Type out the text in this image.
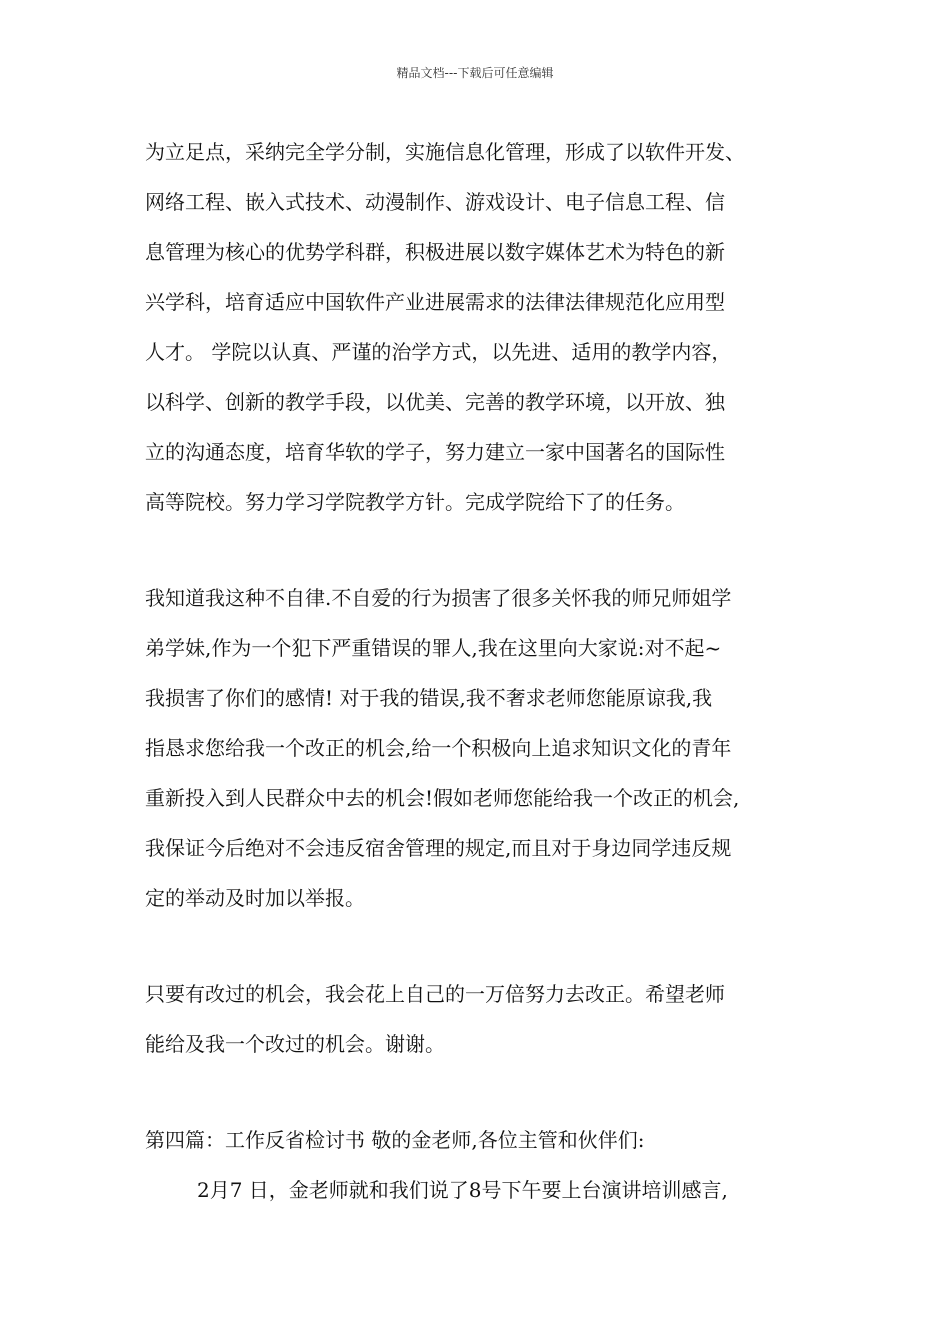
精品文档---下载后可任意编辑
为立足点，采纳完全学分制，实施信息化管理，形成了以软件开发、
网络工程、嵌入式技术、动漫制作、游戏设计、电子信息工程、信
息管理为核心的优势学科群，积极进展以数字媒体艺术为特色的新
兴学科，培育适应中国软件产业进展需求的法律法律规范化应用型
人才。 学院以认真、严谨的治学方式，以先进、适用的教学内容，
以科学、创新的教学手段，以优美、完善的教学环境，以开放、独
立的沟通态度，培育华软的学子，努力建立一家中国著名的国际性
高等院校。努力学习学院教学方针。完成学院给下了的任务。
我知道我这种不自律.不自爱的行为损害了很多关怀我的师兄师姐学
弟学妹,作为一个犯下严重错误的罪人,我在这里向大家说:对不起~
我损害了你们的感情! 对于我的错误,我不奢求老师您能原谅我,我
指恳求您给我一个改正的机会,给一个积极向上追求知识文化的青年
重新投入到人民群众中去的机会!假如老师您能给我一个改正的机会,
我保证今后绝对不会违反宿舍管理的规定,而且对于身边同学违反规
定的举动及时加以举报。
只要有改过的机会，我会花上自己的一万倍努力去改正。希望老师
能给及我一个改过的机会。谢谢。
第四篇：工作反省检讨书 敬的金老师,各位主管和伙伴们:
2月7 日，金老师就和我们说了8号下午要上台演讲培训感言,
